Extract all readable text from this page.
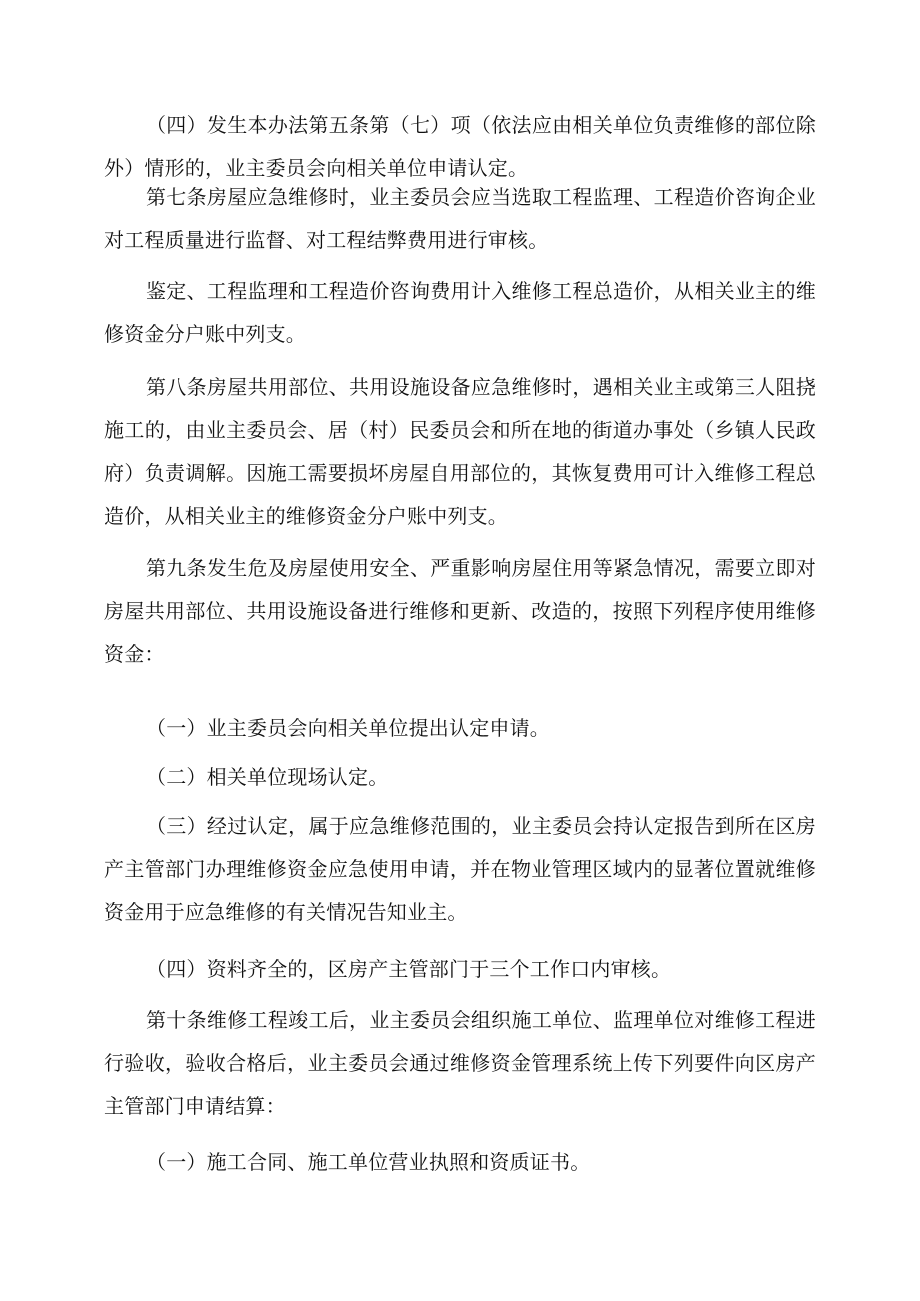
（四）发生本办法第五条第（七）项（依法应由相关单位负责维修的部位除外）情形的，业主委员会向相关单位申请认定。

第七条房屋应急维修时，业主委员会应当选取工程监理、工程造价咨询企业对工程质量进行监督、对工程结弊费用进行审核。

鉴定、工程监理和工程造价咨询费用计入维修工程总造价，从相关业主的维修资金分户账中列支。

第八条房屋共用部位、共用设施设备应急维修时，遇相关业主或第三人阻挠施工的，由业主委员会、居（村）民委员会和所在地的街道办事处（乡镇人民政府）负责调解。因施工需要损坏房屋自用部位的，其恢复费用可计入维修工程总造价，从相关业主的维修资金分户账中列支。

第九条发生危及房屋使用安全、严重影响房屋住用等紧急情况，需要立即对房屋共用部位、共用设施设备进行维修和更新、改造的，按照下列程序使用维修资金：

（一）业主委员会向相关单位提出认定申请。

（二）相关单位现场认定。

（三）经过认定，属于应急维修范围的，业主委员会持认定报告到所在区房产主管部门办理维修资金应急使用申请，并在物业管理区域内的显著位置就维修资金用于应急维修的有关情况告知业主。

（四）资料齐全的，区房产主管部门于三个工作口内审核。

第十条维修工程竣工后，业主委员会组织施工单位、监理单位对维修工程进行验收，验收合格后，业主委员会通过维修资金管理系统上传下列要件向区房产主管部门申请结算：

（一）施工合同、施工单位营业执照和资质证书。
